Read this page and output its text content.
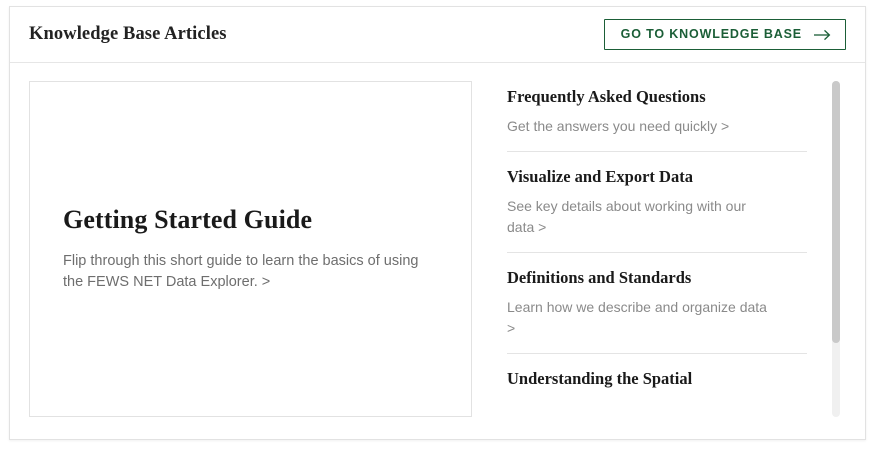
Knowledge Base Articles	GO TO KNOWLEDGE BASE
Getting Started Guide
Flip through this short guide to learn the basics of using the FEWS NET Data Explorer. >
Frequently Asked Questions
Get the answers you need quickly >
Visualize and Export Data
See key details about working with our data >
Definitions and Standards
Learn how we describe and organize data >
Understanding the Spatial
